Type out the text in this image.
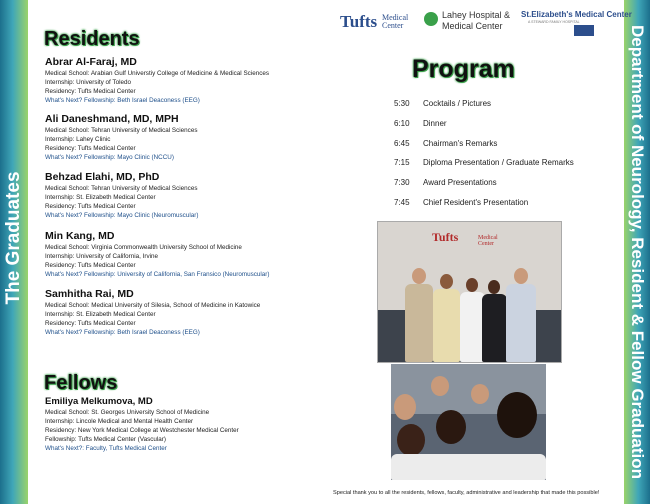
The Graduates	Department of Neurology, Resident & Fellow Graduation
Tufts Medical Center
Lahey Hospital & Medical Center
St.Elizabeth's Medical Center
A STEWARD FAMILY HOSPITAL
Residents
Abrar Al-Faraj, MD
Medical School: Arabian Gulf Universtiy College of Medicine & Medical Sciences
Internship: University of Toledo
Residency: Tufts Medical Center
What's Next? Fellowship: Beth Israel Deaconess (EEG)
Ali Daneshmand, MD, MPH
Medical School: Tehran University of Medical Sciences
Internship: Lahey Clinic
Residency: Tufts Medical Center
What's Next? Fellowship: Mayo Clinic (NCCU)
Behzad Elahi, MD, PhD
Medical School: Tehran University of Medical Sciences
Internship: St. Elizabeth Medical Center
Residency: Tufts Medical Center
What's Next? Fellowship: Mayo Clinic (Neuromuscular)
Min Kang, MD
Medical School: Virginia Commonwealth University School of Medicine
Internship: University of California, Irvine
Residency: Tufts Medical Center
What's Next? Fellowship: University of California, San Fransico (Neuromuscular)
Samhitha Rai, MD
Medical School: Medical University of Silesia, School of Medicine in Katowice
Internship: St. Elizabeth Medical Center
Residency: Tufts Medical Center
What's Next? Fellowship: Beth Israel Deaconess (EEG)
Fellows
Emiliya Melkumova, MD
Medical School: St. Georges University School of Medicine
Internship: Lincole Medical and Mental Health Center
Residency: New York Medical College at Westchester Medical Center
Fellowship: Tufts Medical Center (Vascular)
What's Next?: Faculty, Tufts Medical Center
Program
5:30 Cocktails / Pictures
6:10 Dinner
6:45 Chairman's Remarks
7:15 Diploma Presentation / Graduate Remarks
7:30 Award Presentations
7:45 Chief Resident's Presentation
Tufts	Medical Center
Special thank you to all the residents, fellows, faculty, administrative and leadership that made this possible!
